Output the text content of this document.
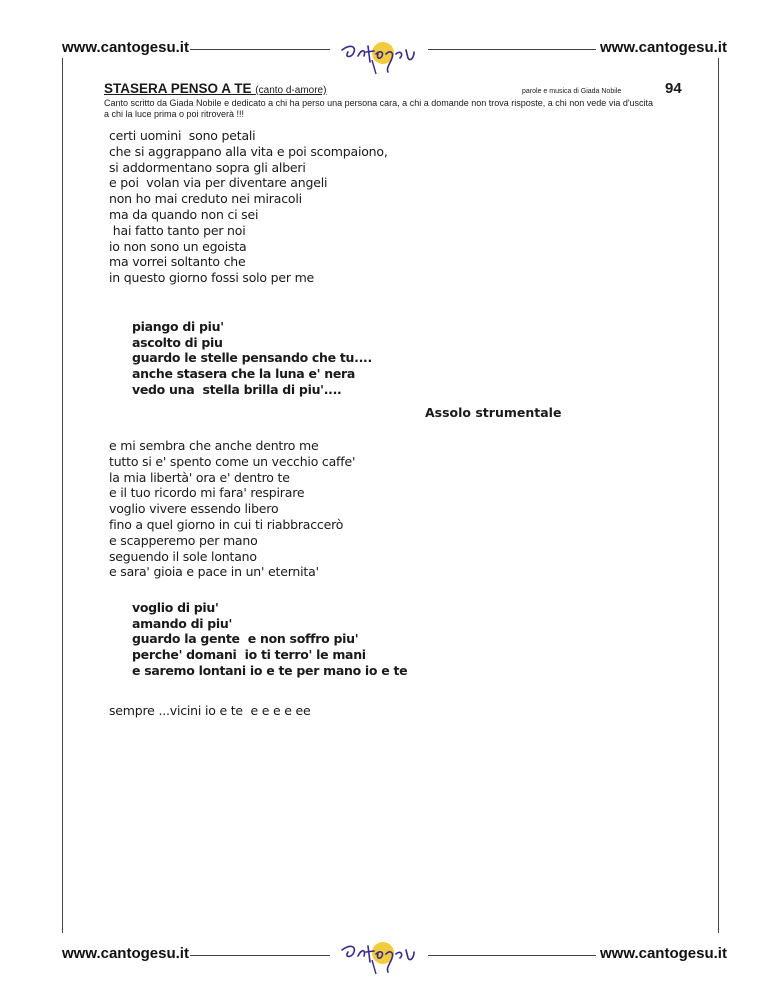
www.cantogesu.it	www.cantogesu.it
STASERA PENSO A TE (canto d-amore)	parole e musica di Giada Nobile	94
Canto scritto da Giada Nobile e dedicato a chi ha perso una persona cara, a chi a domande non trova risposte, a chi non vede via d'uscita
a chi la luce prima o poi ritroverà !!!
certi uomini  sono petali
che si aggrappano alla vita e poi scompaiono,
si addormentano sopra gli alberi
e poi  volan via per diventare angeli
non ho mai creduto nei miracoli
ma da quando non ci sei
hai fatto tanto per noi
io non sono un egoista
ma vorrei soltanto che
in questo giorno fossi solo per me
piango di piu'
ascolto di piu
guardo le stelle pensando che tu....
anche stasera che la luna e' nera
vedo una  stella brilla di piu'....
Assolo strumentale
e mi sembra che anche dentro me
tutto si e' spento come un vecchio caffe'
la mia libertà' ora e' dentro te
e il tuo ricordo mi fara' respirare
voglio vivere essendo libero
fino a quel giorno in cui ti riabbraccerò
e scapperemo per mano
seguendo il sole lontano
e sara' gioia e pace in un' eternita'
voglio di piu'
amando di piu'
guardo la gente  e non soffro piu'
perche' domani  io ti terro' le mani
e saremo lontani io e te per mano io e te
sempre ...vicini io e te  e e e e ee
www.cantogesu.it	www.cantogesu.it
